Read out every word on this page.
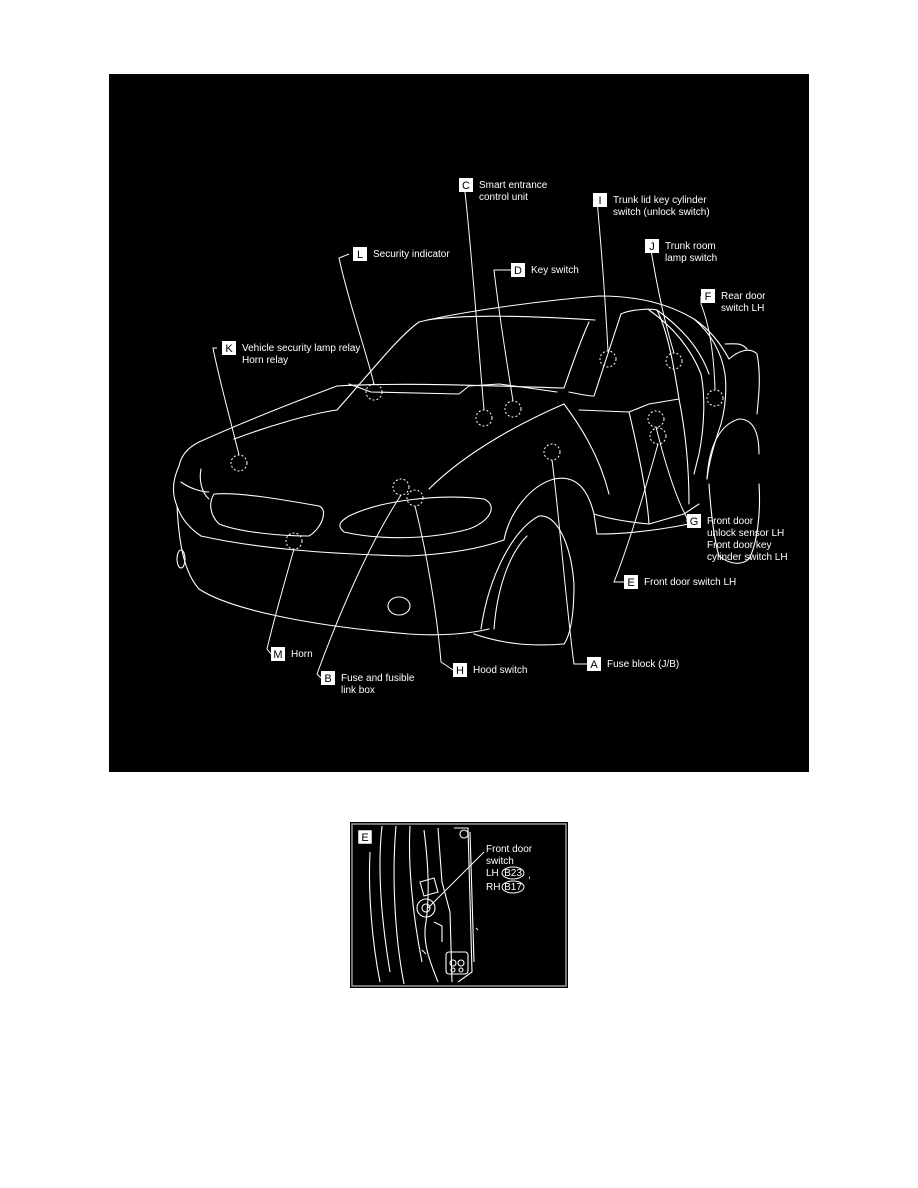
A Fuse block (J/B)
B Fuse and fusible
link box
C Smart entrance
control unit
D Key switch
E Front door switch LH
F Rear door
switch LH
G Front door
unlock sensor LH
Front door key
cylinder switch LH
H Hood switch
I Trunk lid key cylinder
switch (unlock switch)
J Trunk room
lamp switch
K Vehicle security lamp relay
Horn relay
L Security indicator
M Horn
E
Front door
switch
LH B23 ,
RH B17
